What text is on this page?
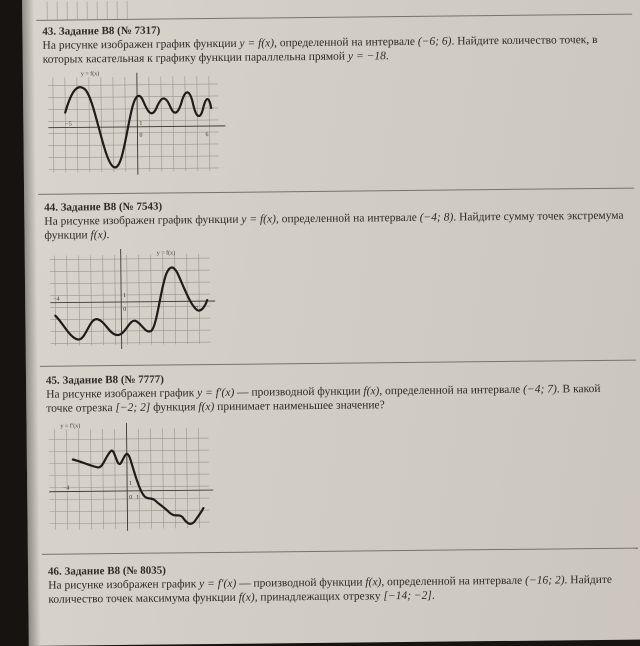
43. Задание B8 (№ 7317)

На рисунке изображен график функции y = f(x), определенной на интервале (−6; 6). Найдите количество точек, в которых касательная к графику функции параллельна прямой y = −18.

y = f(x)
−5	1
0	6
44. Задание B8 (№ 7543)

На рисунке изображен график функции y = f(x), определенной на интервале (−4; 8). Найдите сумму точек экстремума функции f(x).

y = f(x)
−4
1
0	7
45. Задание B8 (№ 7777)

На рисунке изображен график y = f′(x) — производной функции f(x), определенной на интервале (−4; 7). В какой точке отрезка [−2; 2] функция f(x) принимает наименьшее значение?

y = f′(x)
−4
1
0 1
46. Задание B8 (№ 8035)

На рисунке изображен график y = f′(x) — производной функции f(x), определенной на интервале (−16; 2). Найдите количество точек максимума функции f(x), принадлежащих отрезку [−14; −2].
